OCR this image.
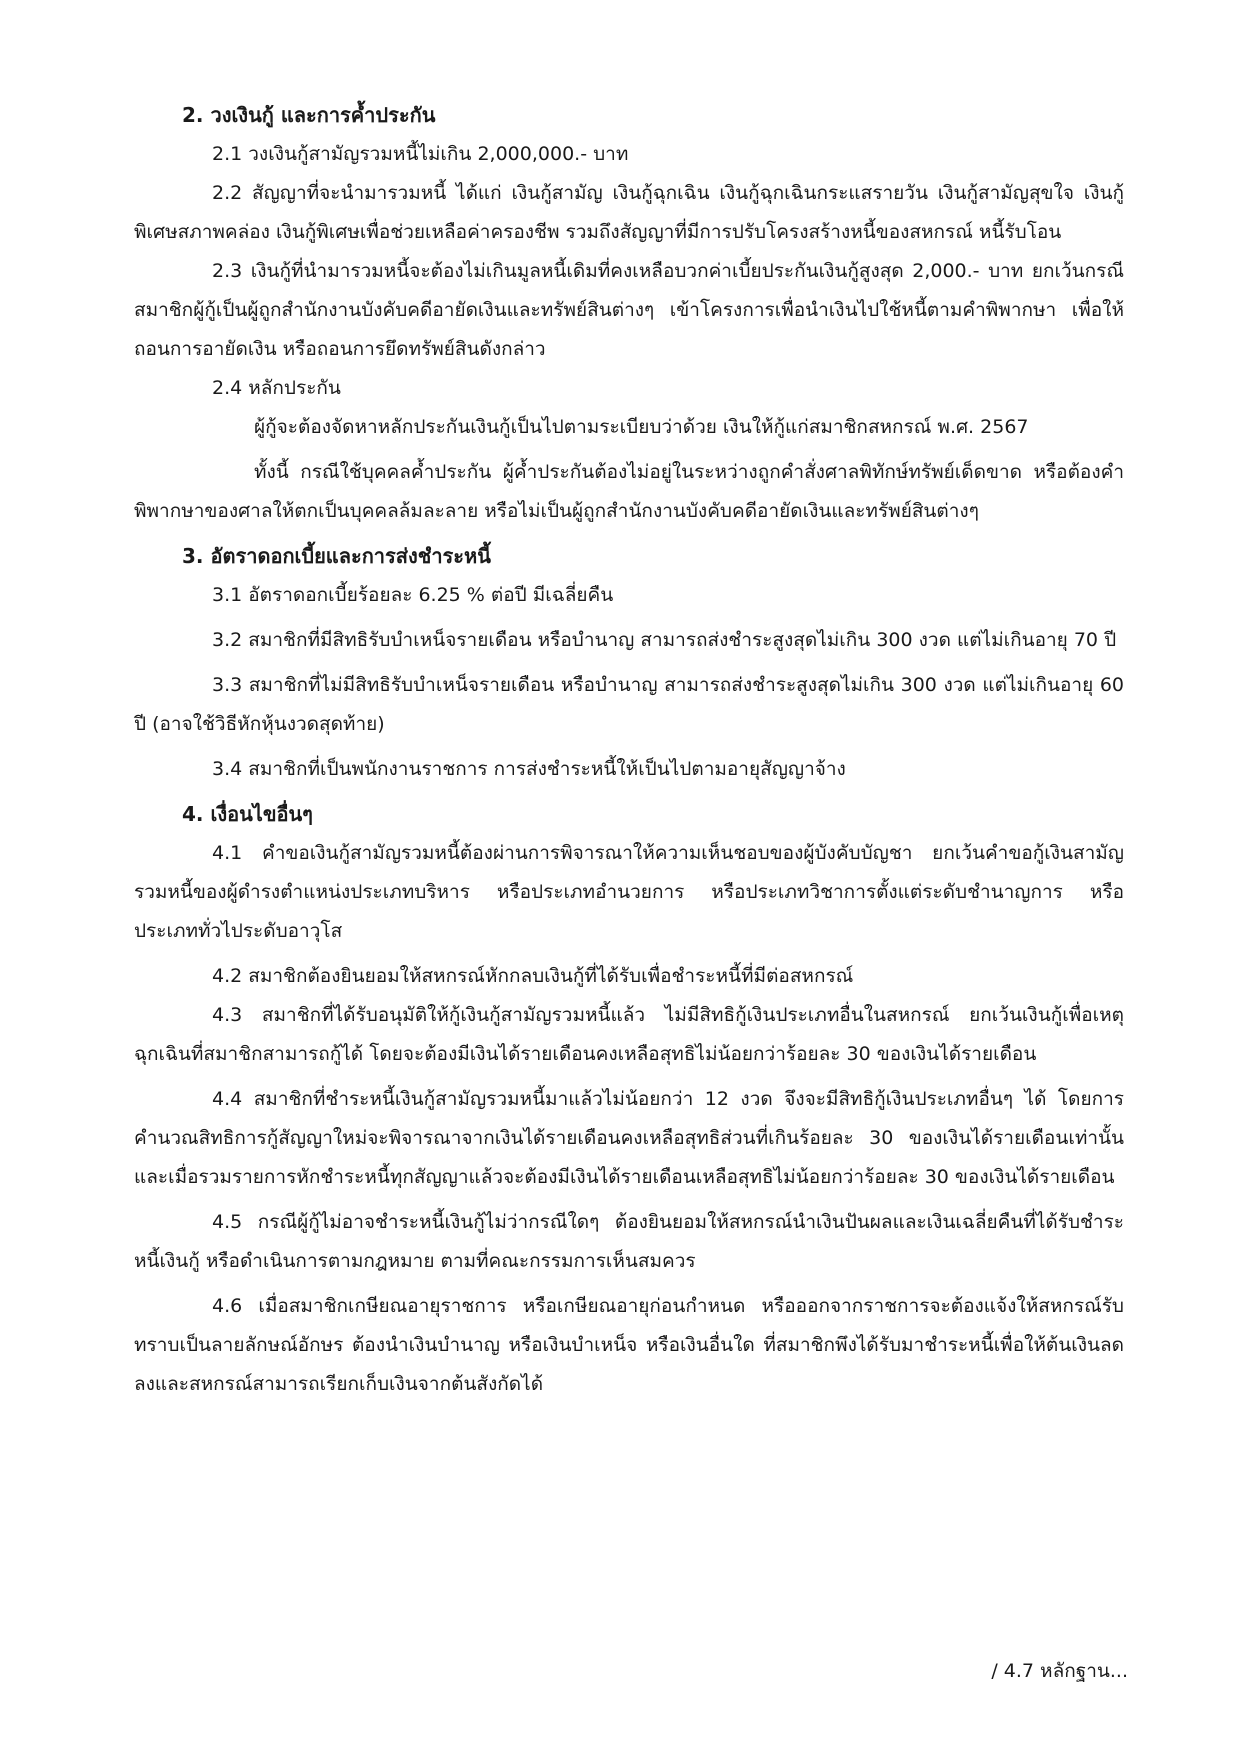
2. วงเงินกู้ และการค้ำประกัน

2.1 วงเงินกู้สามัญรวมหนี้ไม่เกิน 2,000,000.- บาท

2.2 สัญญาที่จะนำมารวมหนี้ ได้แก่ เงินกู้สามัญ เงินกู้ฉุกเฉิน เงินกู้ฉุกเฉินกระแสรายวัน เงินกู้สามัญสุขใจ เงินกู้พิเศษสภาพคล่อง เงินกู้พิเศษเพื่อช่วยเหลือค่าครองชีพ รวมถึงสัญญาที่มีการปรับโครงสร้างหนี้ของสหกรณ์ หนี้รับโอน

2.3 เงินกู้ที่นำมารวมหนี้จะต้องไม่เกินมูลหนี้เดิมที่คงเหลือบวกค่าเบี้ยประกันเงินกู้สูงสุด 2,000.- บาท ยกเว้นกรณีสมาชิกผู้กู้เป็นผู้ถูกสำนักงานบังคับคดีอายัดเงินและทรัพย์สินต่างๆ เข้าโครงการเพื่อนำเงินไปใช้หนี้ตามคำพิพากษา เพื่อให้ถอนการอายัดเงิน หรือถอนการยึดทรัพย์สินดังกล่าว

2.4 หลักประกัน

ผู้กู้จะต้องจัดหาหลักประกันเงินกู้เป็นไปตามระเบียบว่าด้วย เงินให้กู้แก่สมาชิกสหกรณ์ พ.ศ. 2567

ทั้งนี้ กรณีใช้บุคคลค้ำประกัน ผู้ค้ำประกันต้องไม่อยู่ในระหว่างถูกคำสั่งศาลพิทักษ์ทรัพย์เด็ดขาด หรือต้องคำพิพากษาของศาลให้ตกเป็นบุคคลล้มละลาย หรือไม่เป็นผู้ถูกสำนักงานบังคับคดีอายัดเงินและทรัพย์สินต่างๆ

3. อัตราดอกเบี้ยและการส่งชำระหนี้

3.1 อัตราดอกเบี้ยร้อยละ 6.25 % ต่อปี มีเฉลี่ยคืน

3.2 สมาชิกที่มีสิทธิรับบำเหน็จรายเดือน หรือบำนาญ สามารถส่งชำระสูงสุดไม่เกิน 300 งวด แต่ไม่เกินอายุ 70 ปี

3.3 สมาชิกที่ไม่มีสิทธิรับบำเหน็จรายเดือน หรือบำนาญ สามารถส่งชำระสูงสุดไม่เกิน 300 งวด แต่ไม่เกินอายุ 60 ปี (อาจใช้วิธีหักหุ้นงวดสุดท้าย)

3.4 สมาชิกที่เป็นพนักงานราชการ การส่งชำระหนี้ให้เป็นไปตามอายุสัญญาจ้าง

4. เงื่อนไขอื่นๆ

4.1 คำขอเงินกู้สามัญรวมหนี้ต้องผ่านการพิจารณาให้ความเห็นชอบของผู้บังคับบัญชา ยกเว้นคำขอกู้เงินสามัญรวมหนี้ของผู้ดำรงตำแหน่งประเภทบริหาร หรือประเภทอำนวยการ หรือประเภทวิชาการตั้งแต่ระดับชำนาญการ หรือประเภททั่วไประดับอาวุโส

4.2 สมาชิกต้องยินยอมให้สหกรณ์หักกลบเงินกู้ที่ได้รับเพื่อชำระหนี้ที่มีต่อสหกรณ์

4.3 สมาชิกที่ได้รับอนุมัติให้กู้เงินกู้สามัญรวมหนี้แล้ว ไม่มีสิทธิกู้เงินประเภทอื่นในสหกรณ์ ยกเว้นเงินกู้เพื่อเหตุฉุกเฉินที่สมาชิกสามารถกู้ได้ โดยจะต้องมีเงินได้รายเดือนคงเหลือสุทธิไม่น้อยกว่าร้อยละ 30 ของเงินได้รายเดือน

4.4 สมาชิกที่ชำระหนี้เงินกู้สามัญรวมหนี้มาแล้วไม่น้อยกว่า 12 งวด จึงจะมีสิทธิกู้เงินประเภทอื่นๆ ได้ โดยการคำนวณสิทธิการกู้สัญญาใหม่จะพิจารณาจากเงินได้รายเดือนคงเหลือสุทธิส่วนที่เกินร้อยละ 30 ของเงินได้รายเดือนเท่านั้น และเมื่อรวมรายการหักชำระหนี้ทุกสัญญาแล้วจะต้องมีเงินได้รายเดือนเหลือสุทธิไม่น้อยกว่าร้อยละ 30 ของเงินได้รายเดือน

4.5 กรณีผู้กู้ไม่อาจชำระหนี้เงินกู้ไม่ว่ากรณีใดๆ ต้องยินยอมให้สหกรณ์นำเงินปันผลและเงินเฉลี่ยคืนที่ได้รับชำระหนี้เงินกู้ หรือดำเนินการตามกฎหมาย ตามที่คณะกรรมการเห็นสมควร

4.6 เมื่อสมาชิกเกษียณอายุราชการ หรือเกษียณอายุก่อนกำหนด หรือออกจากราชการจะต้องแจ้งให้สหกรณ์รับทราบเป็นลายลักษณ์อักษร ต้องนำเงินบำนาญ หรือเงินบำเหน็จ หรือเงินอื่นใด ที่สมาชิกพึงได้รับมาชำระหนี้เพื่อให้ต้นเงินลดลงและสหกรณ์สามารถเรียกเก็บเงินจากต้นสังกัดได้

/ 4.7 หลักฐาน...
